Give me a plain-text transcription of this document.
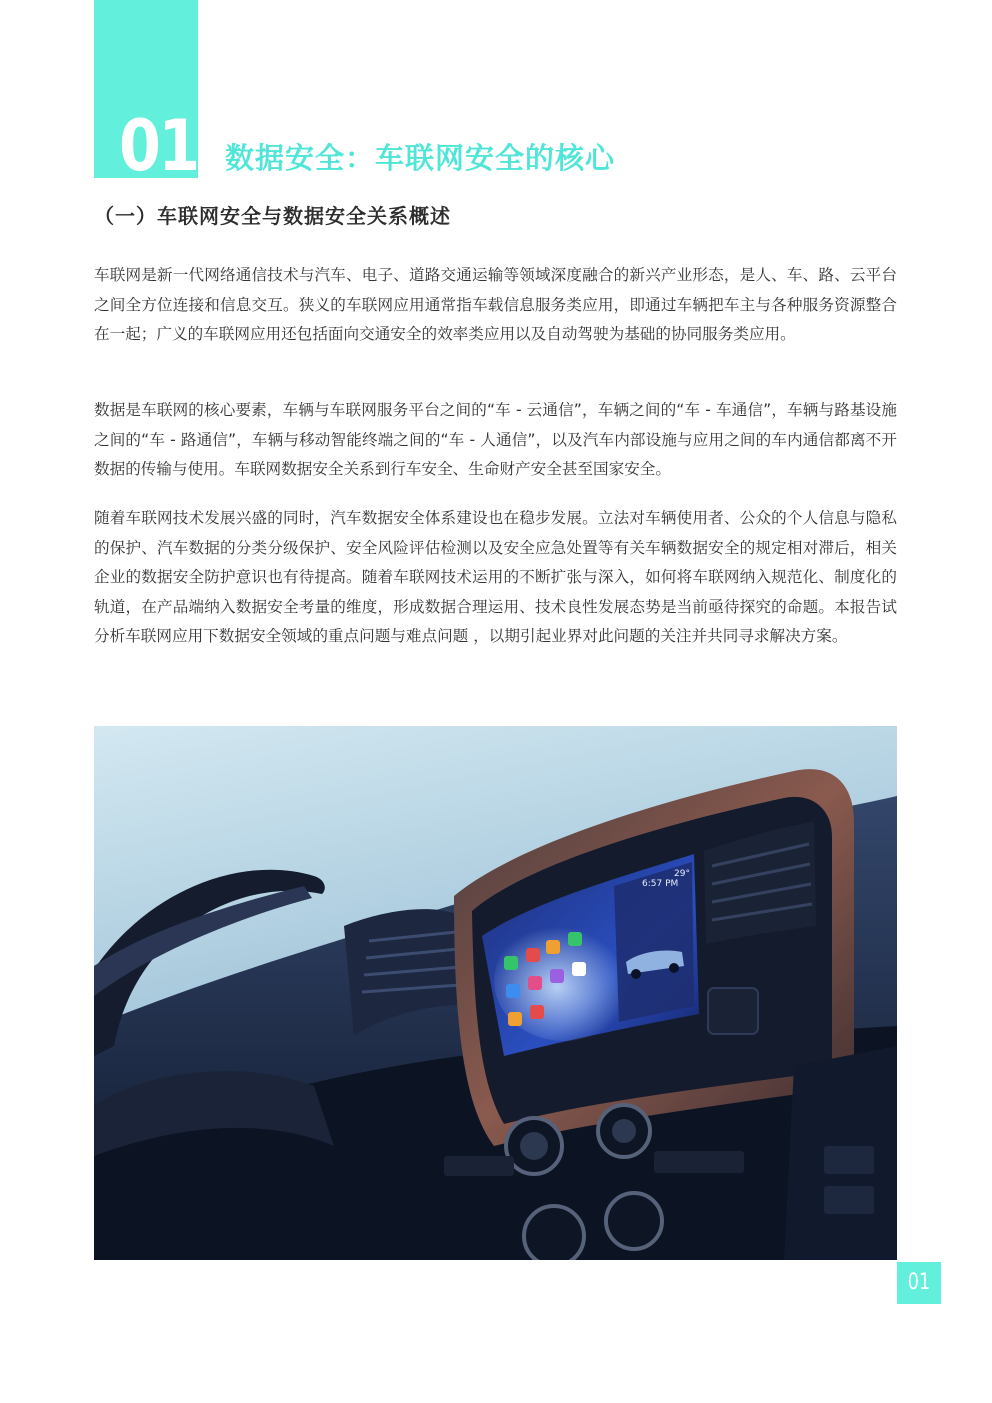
01 数据安全：车联网安全的核心
（一）车联网安全与数据安全关系概述

车联网是新一代网络通信技术与汽车、电子、道路交通运输等领域深度融合的新兴产业形态，是人、车、路、云平台之间全方位连接和信息交互。狭义的车联网应用通常指车载信息服务类应用，即通过车辆把车主与各种服务资源整合在一起；广义的车联网应用还包括面向交通安全的效率类应用以及自动驾驶为基础的协同服务类应用。

数据是车联网的核心要素，车辆与车联网服务平台之间的“车 - 云通信”，车辆之间的“车 - 车通信”，车辆与路基设施之间的“车 - 路通信”，车辆与移动智能终端之间的“车 - 人通信”，以及汽车内部设施与应用之间的车内通信都离不开数据的传输与使用。车联网数据安全关系到行车安全、生命财产安全甚至国家安全。

随着车联网技术发展兴盛的同时，汽车数据安全体系建设也在稳步发展。立法对车辆使用者、公众的个人信息与隐私的保护、汽车数据的分类分级保护、安全风险评估检测以及安全应急处置等有关车辆数据安全的规定相对滞后，相关企业的数据安全防护意识也有待提高。随着车联网技术运用的不断扩张与深入，如何将车联网纳入规范化、制度化的轨道，在产品端纳入数据安全考量的维度，形成数据合理运用、技术良性发展态势是当前亟待探究的命题。本报告试分析车联网应用下数据安全领域的重点问题与难点问题 ，以期引起业界对此问题的关注并共同寻求解决方案。

6:57 PM
29°
01
